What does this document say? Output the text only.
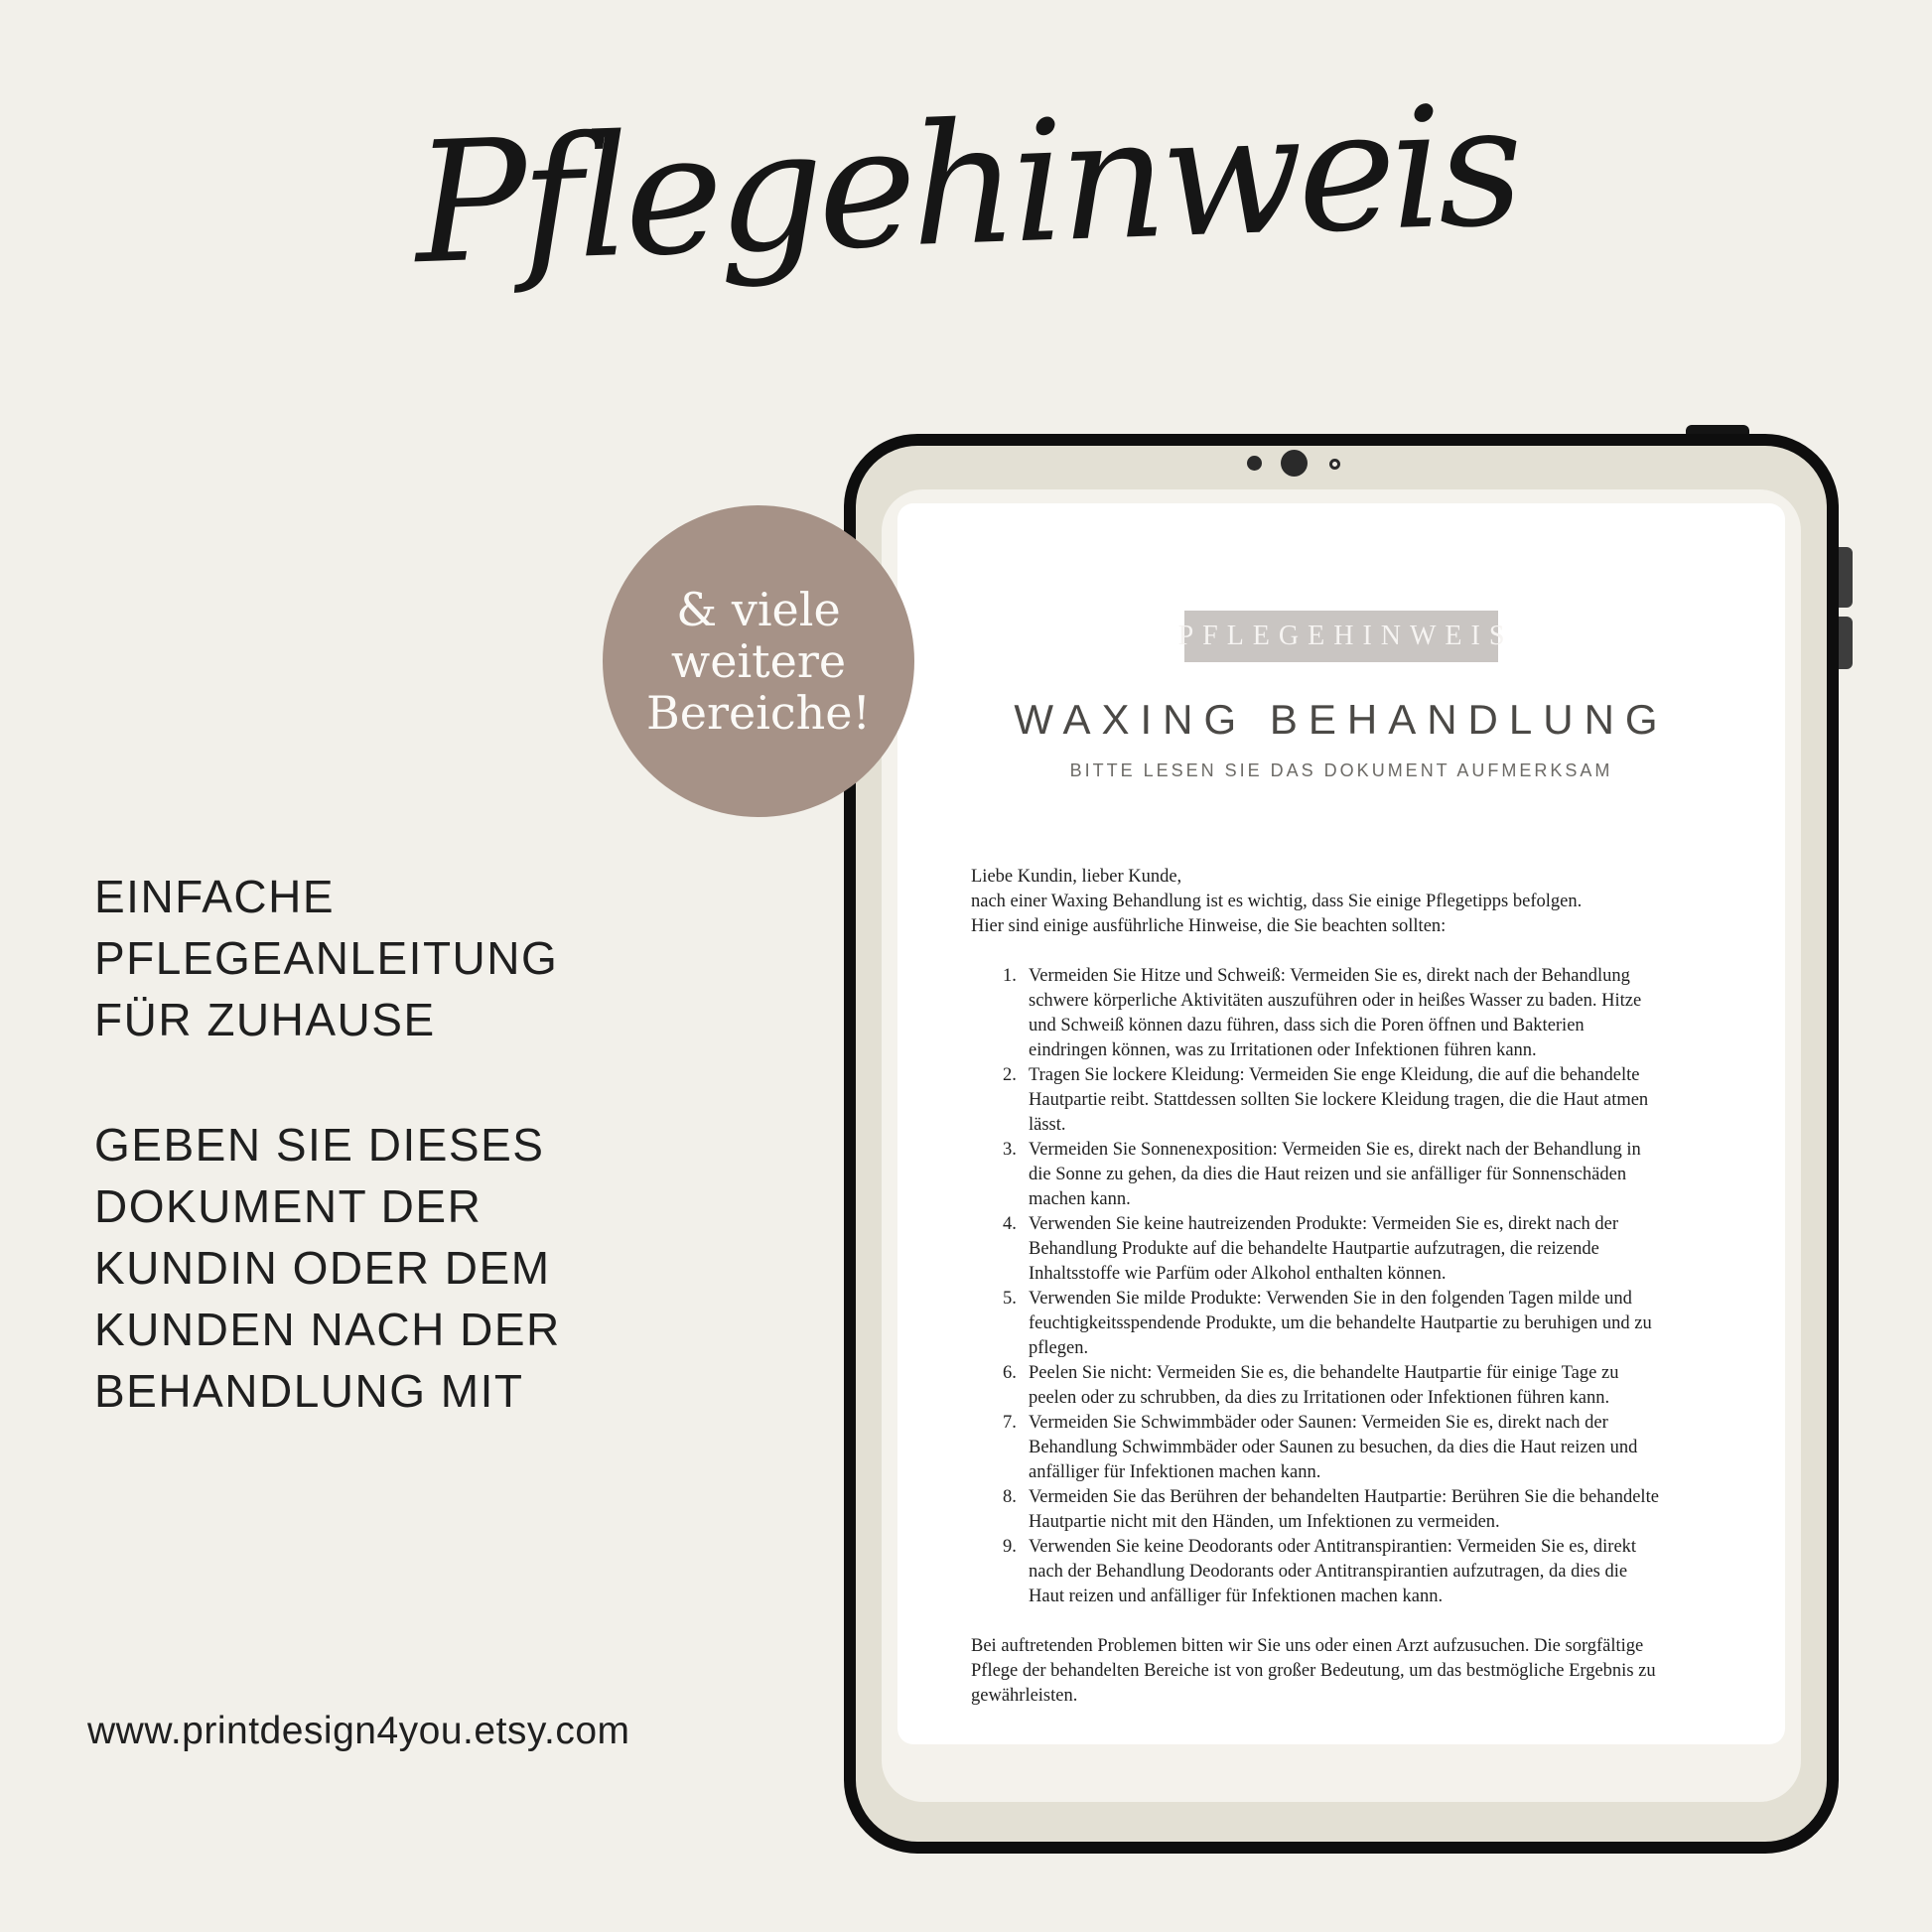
Pflegehinweis
EINFACHE
PFLEGEANLEITUNG
FÜR ZUHAUSE
GEBEN SIE DIESES
DOKUMENT DER
KUNDIN ODER DEM
KUNDEN NACH DER
BEHANDLUNG MIT
www.printdesign4you.etsy.com
PFLEGEHINWEIS
WAXING BEHANDLUNG
BITTE LESEN SIE DAS DOKUMENT AUFMERKSAM
Liebe Kundin, lieber Kunde,
nach einer Waxing Behandlung ist es wichtig, dass Sie einige Pflegetipps befolgen.
Hier sind einige ausführliche Hinweise, die Sie beachten sollten:
Vermeiden Sie Hitze und Schweiß: Vermeiden Sie es, direkt nach der Behandlung schwere körperliche Aktivitäten auszuführen oder in heißes Wasser zu baden. Hitze und Schweiß können dazu führen, dass sich die Poren öffnen und Bakterien eindringen können, was zu Irritationen oder Infektionen führen kann.
Tragen Sie lockere Kleidung: Vermeiden Sie enge Kleidung, die auf die behandelte Hautpartie reibt. Stattdessen sollten Sie lockere Kleidung tragen, die die Haut atmen lässt.
Vermeiden Sie Sonnenexposition: Vermeiden Sie es, direkt nach der Behandlung in die Sonne zu gehen, da dies die Haut reizen und sie anfälliger für Sonnenschäden machen kann.
Verwenden Sie keine hautreizenden Produkte: Vermeiden Sie es, direkt nach der Behandlung Produkte auf die behandelte Hautpartie aufzutragen, die reizende Inhaltsstoffe wie Parfüm oder Alkohol enthalten können.
Verwenden Sie milde Produkte: Verwenden Sie in den folgenden Tagen milde und feuchtigkeitsspendende Produkte, um die behandelte Hautpartie zu beruhigen und zu pflegen.
Peelen Sie nicht: Vermeiden Sie es, die behandelte Hautpartie für einige Tage zu peelen oder zu schrubben, da dies zu Irritationen oder Infektionen führen kann.
Vermeiden Sie Schwimmbäder oder Saunen: Vermeiden Sie es, direkt nach der Behandlung Schwimmbäder oder Saunen zu besuchen, da dies die Haut reizen und anfälliger für Infektionen machen kann.
Vermeiden Sie das Berühren der behandelten Hautpartie: Berühren Sie die behandelte Hautpartie nicht mit den Händen, um Infektionen zu vermeiden.
Verwenden Sie keine Deodorants oder Antitranspirantien: Vermeiden Sie es, direkt nach der Behandlung Deodorants oder Antitranspirantien aufzutragen, da dies die Haut reizen und anfälliger für Infektionen machen kann.
Bei auftretenden Problemen bitten wir Sie uns oder einen Arzt aufzusuchen. Die sorgfältige Pflege der behandelten Bereiche ist von großer Bedeutung, um das bestmögliche Ergebnis zu gewährleisten.
& viele
weitere
Bereiche!
